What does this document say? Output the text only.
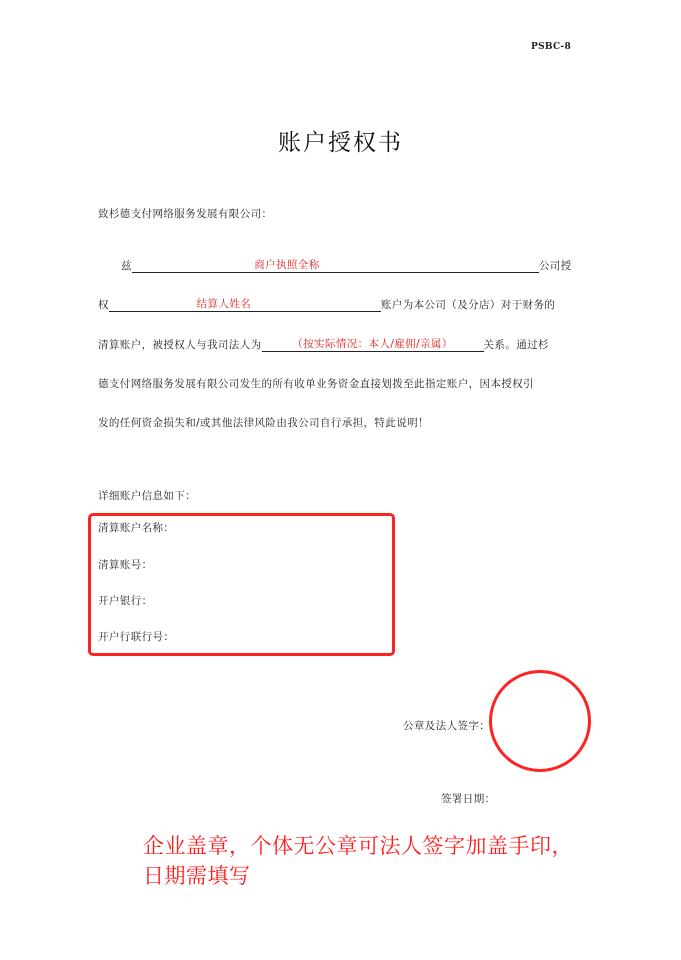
PSBC-8
账户授权书
致杉德支付网络服务发展有限公司：
兹	商户执照全称	公司授
权	结算人姓名	账户为本公司（及分店）对于财务的
清算账户，被授权人与我司法人为	（按实际情况：本人/雇佣/亲属）	关系。通过杉
德支付网络服务发展有限公司发生的所有收单业务资金直接划拨至此指定账户，因本授权引
发的任何资金损失和/或其他法律风险由我公司自行承担，特此说明！
详细账户信息如下：
清算账户名称：
清算账号：
开户银行：
开户行联行号：
公章及法人签字：
签署日期：
企业盖章，个体无公章可法人签字加盖手印，
日期需填写
